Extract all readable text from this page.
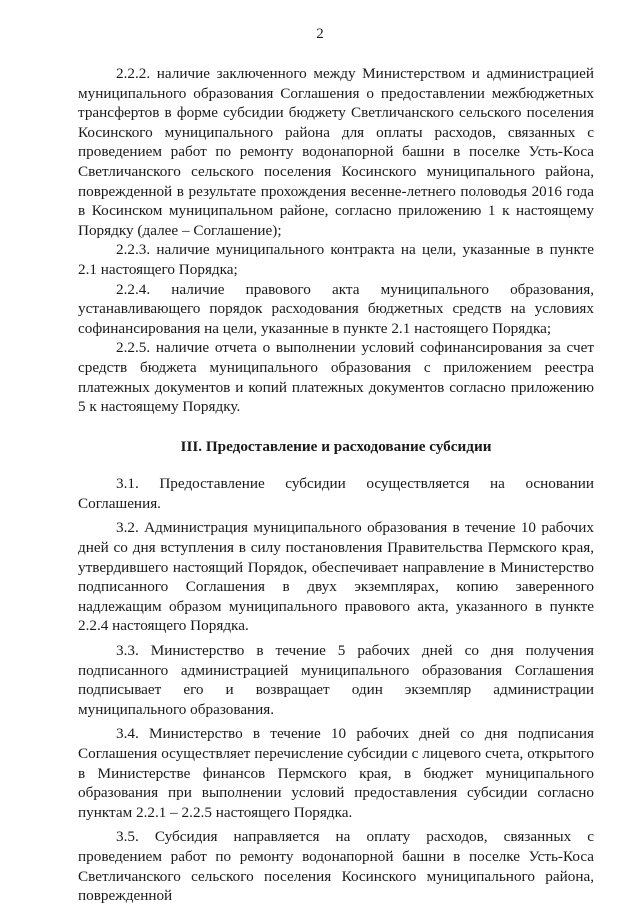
2

2.2.2. наличие заключенного между Министерством и администрацией муниципального образования Соглашения о предоставлении межбюджетных трансфертов в форме субсидии бюджету Светличанского сельского поселения Косинского муниципального района для оплаты расходов, связанных с проведением работ по ремонту водонапорной башни в поселке Усть-Коса Светличанского сельского поселения Косинского муниципального района, поврежденной в результате прохождения весенне-летнего половодья 2016 года в Косинском муниципальном районе, согласно приложению 1 к настоящему Порядку (далее – Соглашение);

2.2.3. наличие муниципального контракта на цели, указанные в пункте 2.1 настоящего Порядка;

2.2.4. наличие правового акта муниципального образования, устанавливающего порядок расходования бюджетных средств на условиях софинансирования на цели, указанные в пункте 2.1 настоящего Порядка;

2.2.5. наличие отчета о выполнении условий софинансирования за счет средств бюджета муниципального образования с приложением реестра платежных документов и копий платежных документов согласно приложению 5 к настоящему Порядку.

III. Предоставление и расходование субсидии

3.1. Предоставление субсидии осуществляется на основании Соглашения.

3.2. Администрация муниципального образования в течение 10 рабочих дней со дня вступления в силу постановления Правительства Пермского края, утвердившего настоящий Порядок, обеспечивает направление в Министерство подписанного Соглашения в двух экземплярах, копию заверенного надлежащим образом муниципального правового акта, указанного в пункте 2.2.4 настоящего Порядка.

3.3. Министерство в течение 5 рабочих дней со дня получения подписанного администрацией муниципального образования Соглашения подписывает его и возвращает один экземпляр администрации муниципального образования.

3.4. Министерство в течение 10 рабочих дней со дня подписания Соглашения осуществляет перечисление субсидии с лицевого счета, открытого в Министерстве финансов Пермского края, в бюджет муниципального образования при выполнении условий предоставления субсидии согласно пунктам 2.2.1 – 2.2.5 настоящего Порядка.

3.5. Субсидия направляется на оплату расходов, связанных с проведением работ по ремонту водонапорной башни в поселке Усть-Коса Светличанского сельского поселения Косинского муниципального района, поврежденной
